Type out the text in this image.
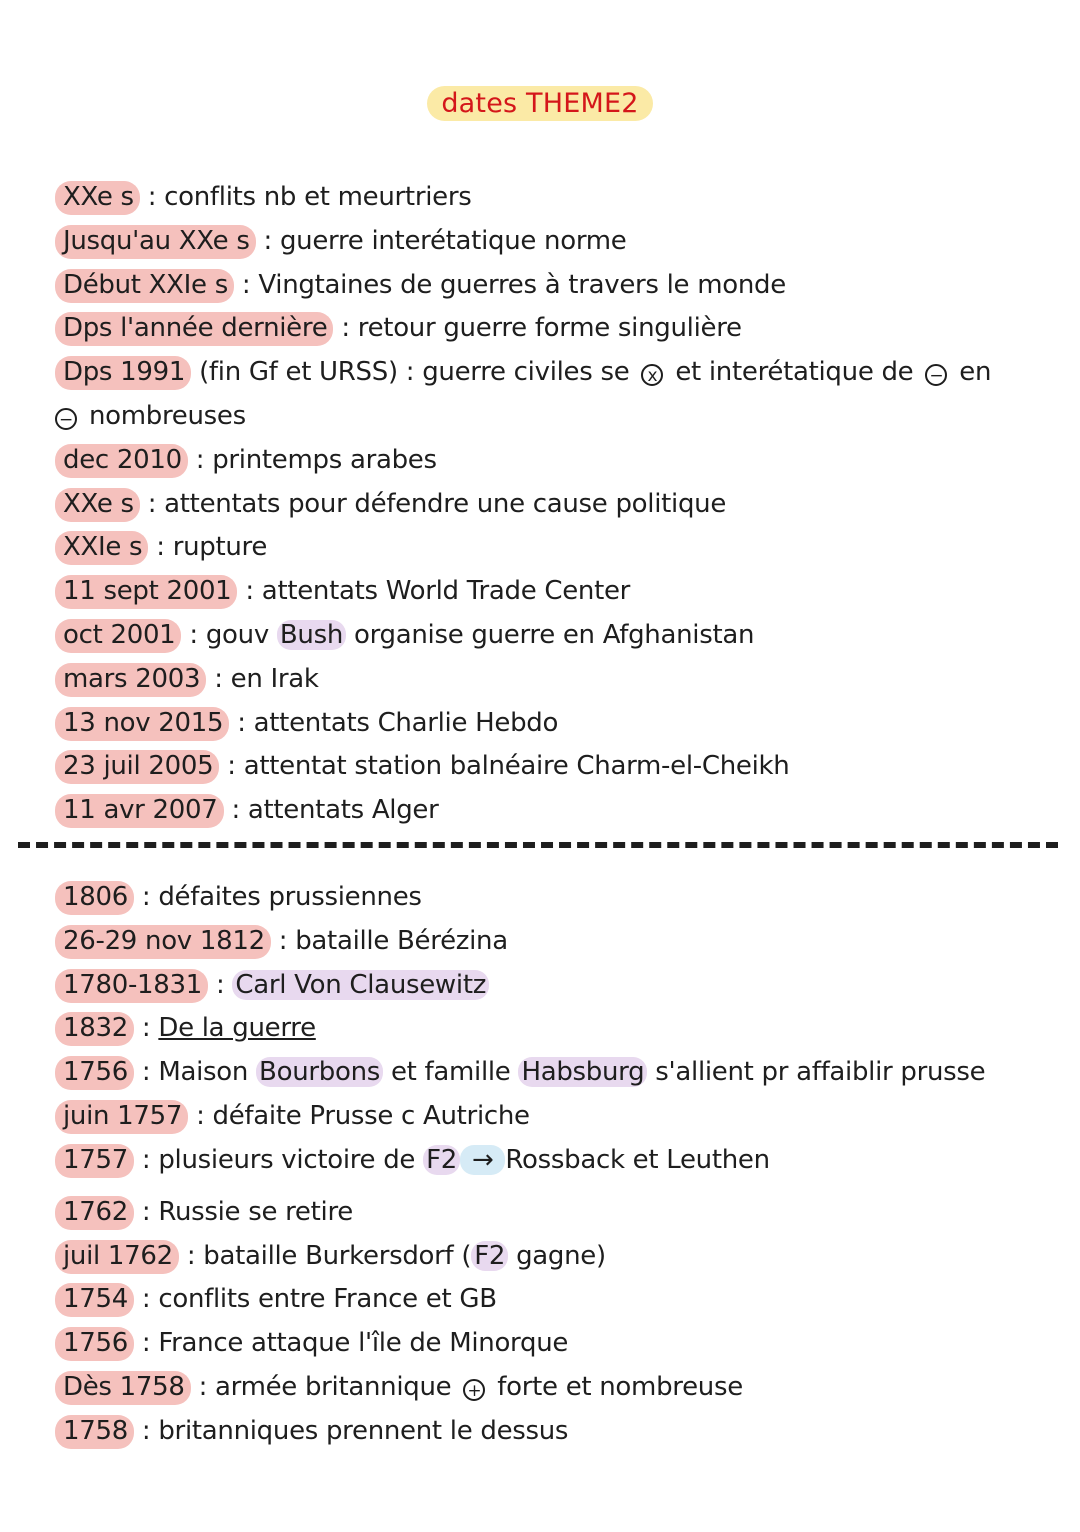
dates THEME2
XXe s : conflits nb et meurtriers
Jusqu'au XXe s : guerre interétatique norme
Début XXIe s : Vingtaines de guerres à travers le monde
Dps l'année dernière : retour guerre forme singulière
Dps 1991 (fin Gf et URSS) : guerre civiles se x et interétatique de − en
− nombreuses
dec 2010 : printemps arabes
XXe s : attentats pour défendre une cause politique
XXIe s : rupture
11 sept 2001 : attentats World Trade Center
oct 2001 : gouv Bush organise guerre en Afghanistan
mars 2003 : en Irak
13 nov 2015 : attentats Charlie Hebdo
23 juil 2005 : attentat station balnéaire Charm-el-Cheikh
11 avr 2007 : attentats Alger
1806 : défaites prussiennes
26-29 nov 1812 : bataille Bérézina
1780-1831 : Carl Von Clausewitz
1832 : De la guerre
1756 : Maison Bourbons et famille Habsburg s'allient pr affaiblir prusse
juin 1757 : défaite Prusse c Autriche
1757 : plusieurs victoire de F2 → Rossback et Leuthen
1762 : Russie se retire
juil 1762 : bataille Burkersdorf ( F2 gagne)
1754 : conflits entre France et GB
1756 : France attaque l'île de Minorque
Dès 1758 : armée britannique + forte et nombreuse
1758 : britanniques prennent le dessus
